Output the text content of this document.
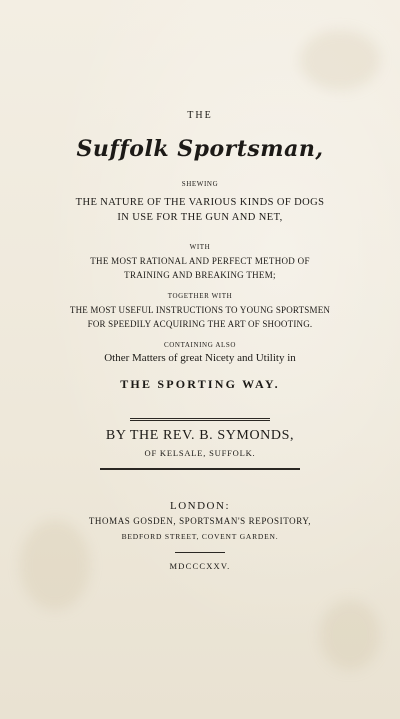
THE
Suffolk Sportsman,
SHEWING
THE NATURE OF THE VARIOUS KINDS OF DOGS
IN USE FOR THE GUN AND NET,
WITH
THE MOST RATIONAL AND PERFECT METHOD OF
TRAINING AND BREAKING THEM;
TOGETHER WITH
THE MOST USEFUL INSTRUCTIONS TO YOUNG SPORTSMEN
FOR SPEEDILY ACQUIRING THE ART OF SHOOTING.
CONTAINING ALSO
Other Matters of great Nicety and Utility in
THE SPORTING WAY.
BY THE REV. B. SYMONDS,
OF KELSALE, SUFFOLK.
LONDON:
THOMAS GOSDEN, SPORTSMAN'S REPOSITORY,
BEDFORD STREET, COVENT GARDEN.
MDCCCXXV.
